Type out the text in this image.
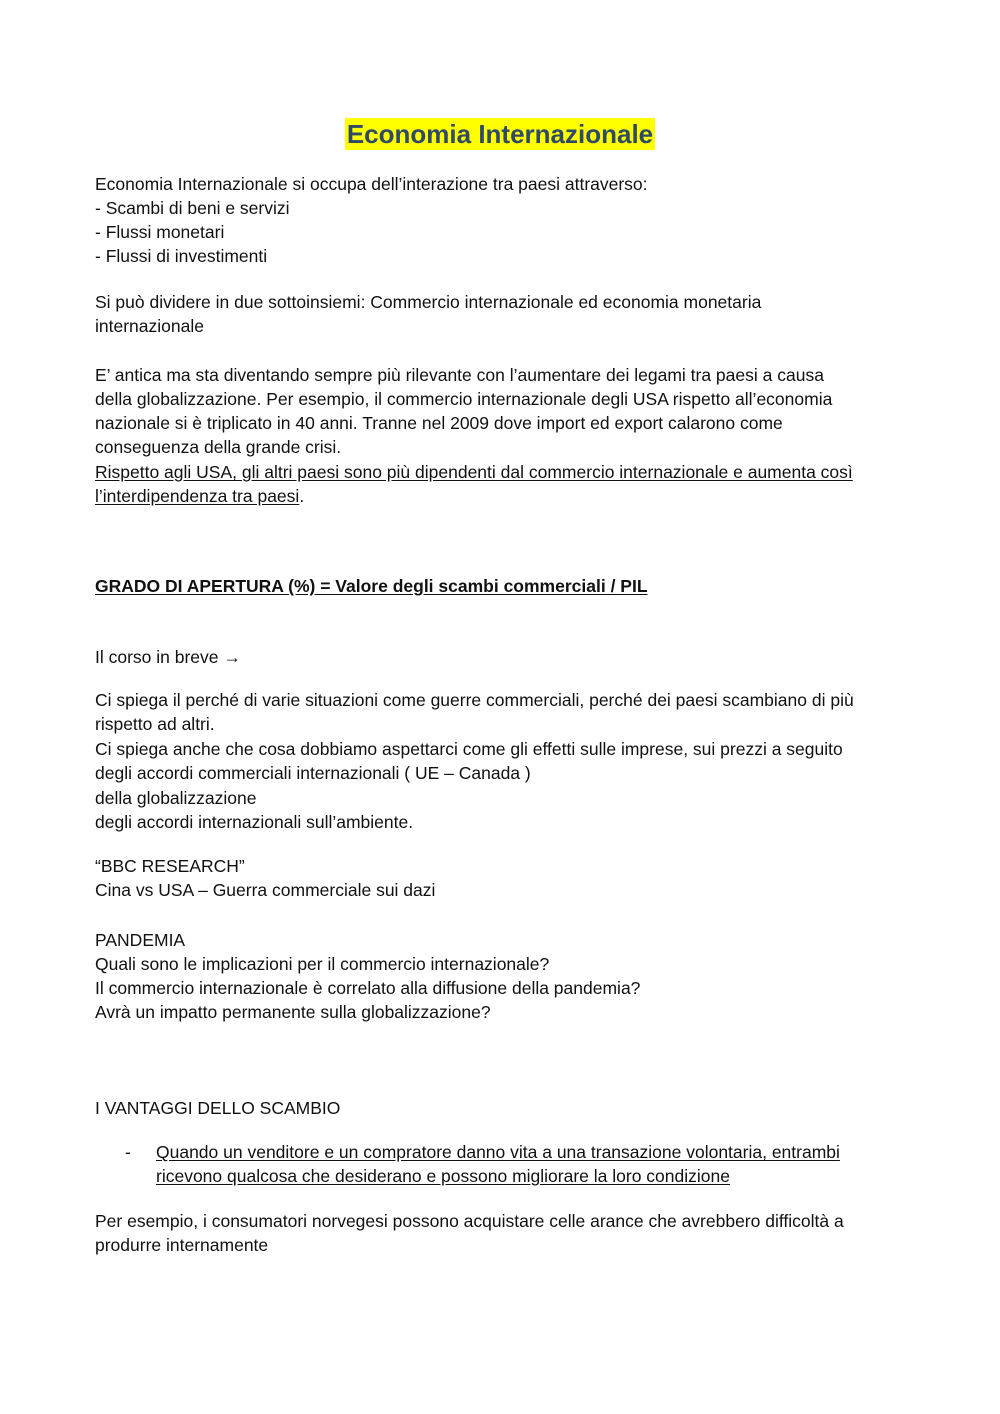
Economia Internazionale
Economia Internazionale si occupa dell’interazione tra paesi attraverso:
- Scambi di beni e servizi
- Flussi monetari
- Flussi di investimenti
Si può dividere in due sottoinsiemi: Commercio internazionale ed economia monetaria
internazionale
E’ antica ma sta diventando sempre più rilevante con l’aumentare dei legami tra paesi a causa
della globalizzazione. Per esempio, il commercio internazionale degli USA rispetto all’economia
nazionale si è triplicato in 40 anni. Tranne nel 2009 dove import ed export calarono come
conseguenza della grande crisi.
Rispetto agli USA, gli altri paesi sono più dipendenti dal commercio internazionale e aumenta così
l’interdipendenza tra paesi.
GRADO DI APERTURA (%) = Valore degli scambi commerciali / PIL
Il corso in breve →
Ci spiega il perché di varie situazioni come guerre commerciali, perché dei paesi scambiano di più
rispetto ad altri.
Ci spiega anche che cosa dobbiamo aspettarci come gli effetti sulle imprese, sui prezzi a seguito
degli accordi commerciali internazionali ( UE – Canada )
della globalizzazione
degli accordi internazionali sull’ambiente.
“BBC RESEARCH”
Cina vs USA – Guerra commerciale sui dazi
PANDEMIA
Quali sono le implicazioni per il commercio internazionale?
Il commercio internazionale è correlato alla diffusione della pandemia?
Avrà un impatto permanente sulla globalizzazione?
I VANTAGGI DELLO SCAMBIO
- Quando un venditore e un compratore danno vita a una transazione volontaria, entrambi
ricevono qualcosa che desiderano e possono migliorare la loro condizione
Per esempio, i consumatori norvegesi possono acquistare celle arance che avrebbero difficoltà a
produrre internamente
